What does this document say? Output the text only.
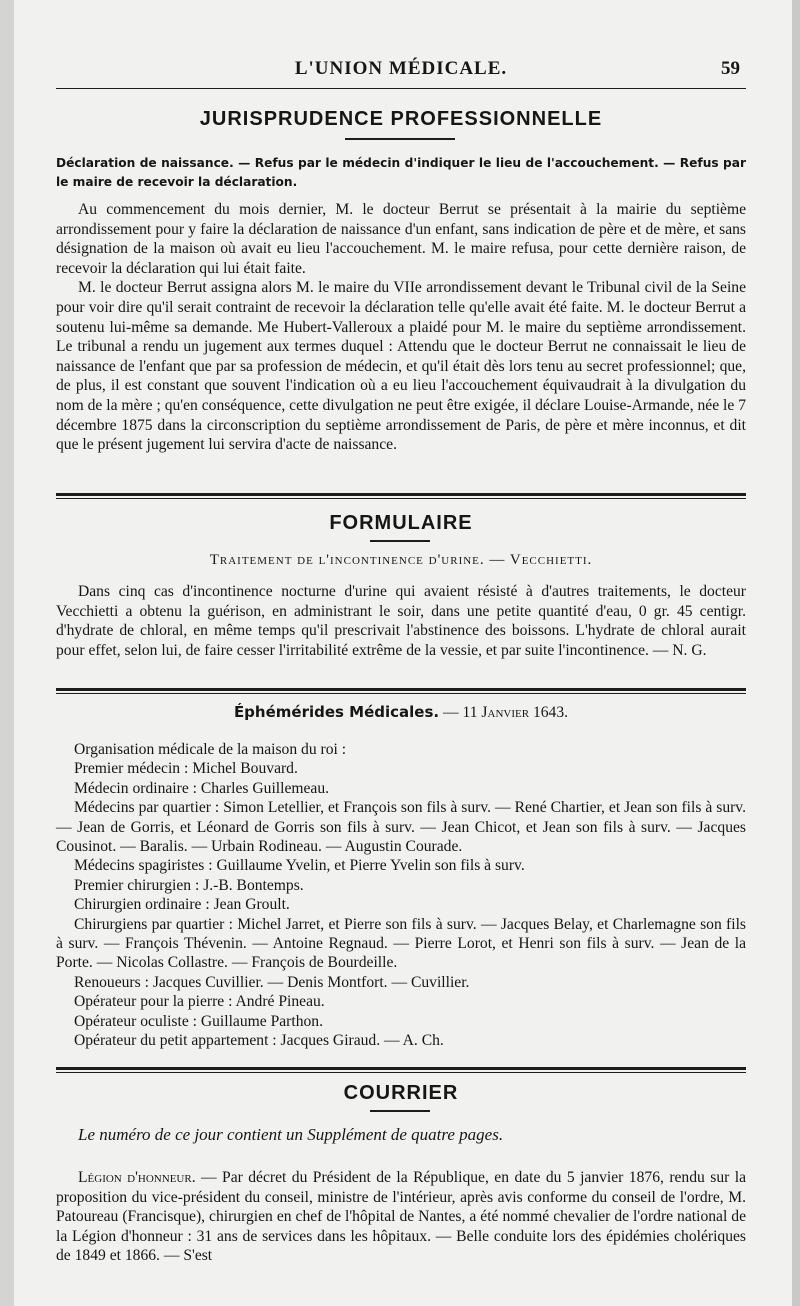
L'UNION MÉDICALE.	59
JURISPRUDENCE PROFESSIONNELLE

Déclaration de naissance. — Refus par le médecin d'indiquer le lieu de l'accouchement. — Refus par le maire de recevoir la déclaration.

Au commencement du mois dernier, M. le docteur Berrut se présentait à la mairie du septième arrondissement pour y faire la déclaration de naissance d'un enfant, sans indication de père et de mère, et sans désignation de la maison où avait eu lieu l'accouchement. M. le maire refusa, pour cette dernière raison, de recevoir la déclaration qui lui était faite.

M. le docteur Berrut assigna alors M. le maire du VIIe arrondissement devant le Tribunal civil de la Seine pour voir dire qu'il serait contraint de recevoir la déclaration telle qu'elle avait été faite. M. le docteur Berrut a soutenu lui-même sa demande. Me Hubert-Valleroux a plaidé pour M. le maire du septième arrondissement. Le tribunal a rendu un jugement aux termes duquel : Attendu que le docteur Berrut ne connaissait le lieu de naissance de l'enfant que par sa profession de médecin, et qu'il était dès lors tenu au secret professionnel; que, de plus, il est constant que souvent l'indication où a eu lieu l'accouchement équivaudrait à la divulgation du nom de la mère ; qu'en conséquence, cette divulgation ne peut être exigée, il déclare Louise-Armande, née le 7 décembre 1875 dans la circonscription du septième arrondissement de Paris, de père et mère inconnus, et dit que le présent jugement lui servira d'acte de naissance.

FORMULAIRE

Traitement de l'incontinence d'urine. — Vecchietti.

Dans cinq cas d'incontinence nocturne d'urine qui avaient résisté à d'autres traitements, le docteur Vecchietti a obtenu la guérison, en administrant le soir, dans une petite quantité d'eau, 0 gr. 45 centigr. d'hydrate de chloral, en même temps qu'il prescrivait l'abstinence des boissons. L'hydrate de chloral aurait pour effet, selon lui, de faire cesser l'irritabilité extrême de la vessie, et par suite l'incontinence. — N. G.

Éphémérides Médicales. — 11 Janvier 1643.

Organisation médicale de la maison du roi :

Premier médecin : Michel Bouvard.

Médecin ordinaire : Charles Guillemeau.

Médecins par quartier : Simon Letellier, et François son fils à surv. — René Chartier, et Jean son fils à surv. — Jean de Gorris, et Léonard de Gorris son fils à surv. — Jean Chicot, et Jean son fils à surv. — Jacques Cousinot. — Baralis. — Urbain Rodineau. — Augustin Courade.

Médecins spagiristes : Guillaume Yvelin, et Pierre Yvelin son fils à surv.

Premier chirurgien : J.-B. Bontemps.

Chirurgien ordinaire : Jean Groult.

Chirurgiens par quartier : Michel Jarret, et Pierre son fils à surv. — Jacques Belay, et Charlemagne son fils à surv. — François Thévenin. — Antoine Regnaud. — Pierre Lorot, et Henri son fils à surv. — Jean de la Porte. — Nicolas Collastre. — François de Bourdeille.

Renoueurs : Jacques Cuvillier. — Denis Montfort. — Cuvillier.

Opérateur pour la pierre : André Pineau.

Opérateur oculiste : Guillaume Parthon.

Opérateur du petit appartement : Jacques Giraud. — A. Ch.

COURRIER

Le numéro de ce jour contient un Supplément de quatre pages.

Légion d'honneur. — Par décret du Président de la République, en date du 5 janvier 1876, rendu sur la proposition du vice-président du conseil, ministre de l'intérieur, après avis conforme du conseil de l'ordre, M. Patoureau (Francisque), chirurgien en chef de l'hôpital de Nantes, a été nommé chevalier de l'ordre national de la Légion d'honneur : 31 ans de services dans les hôpitaux. — Belle conduite lors des épidémies cholériques de 1849 et 1866. — S'est
